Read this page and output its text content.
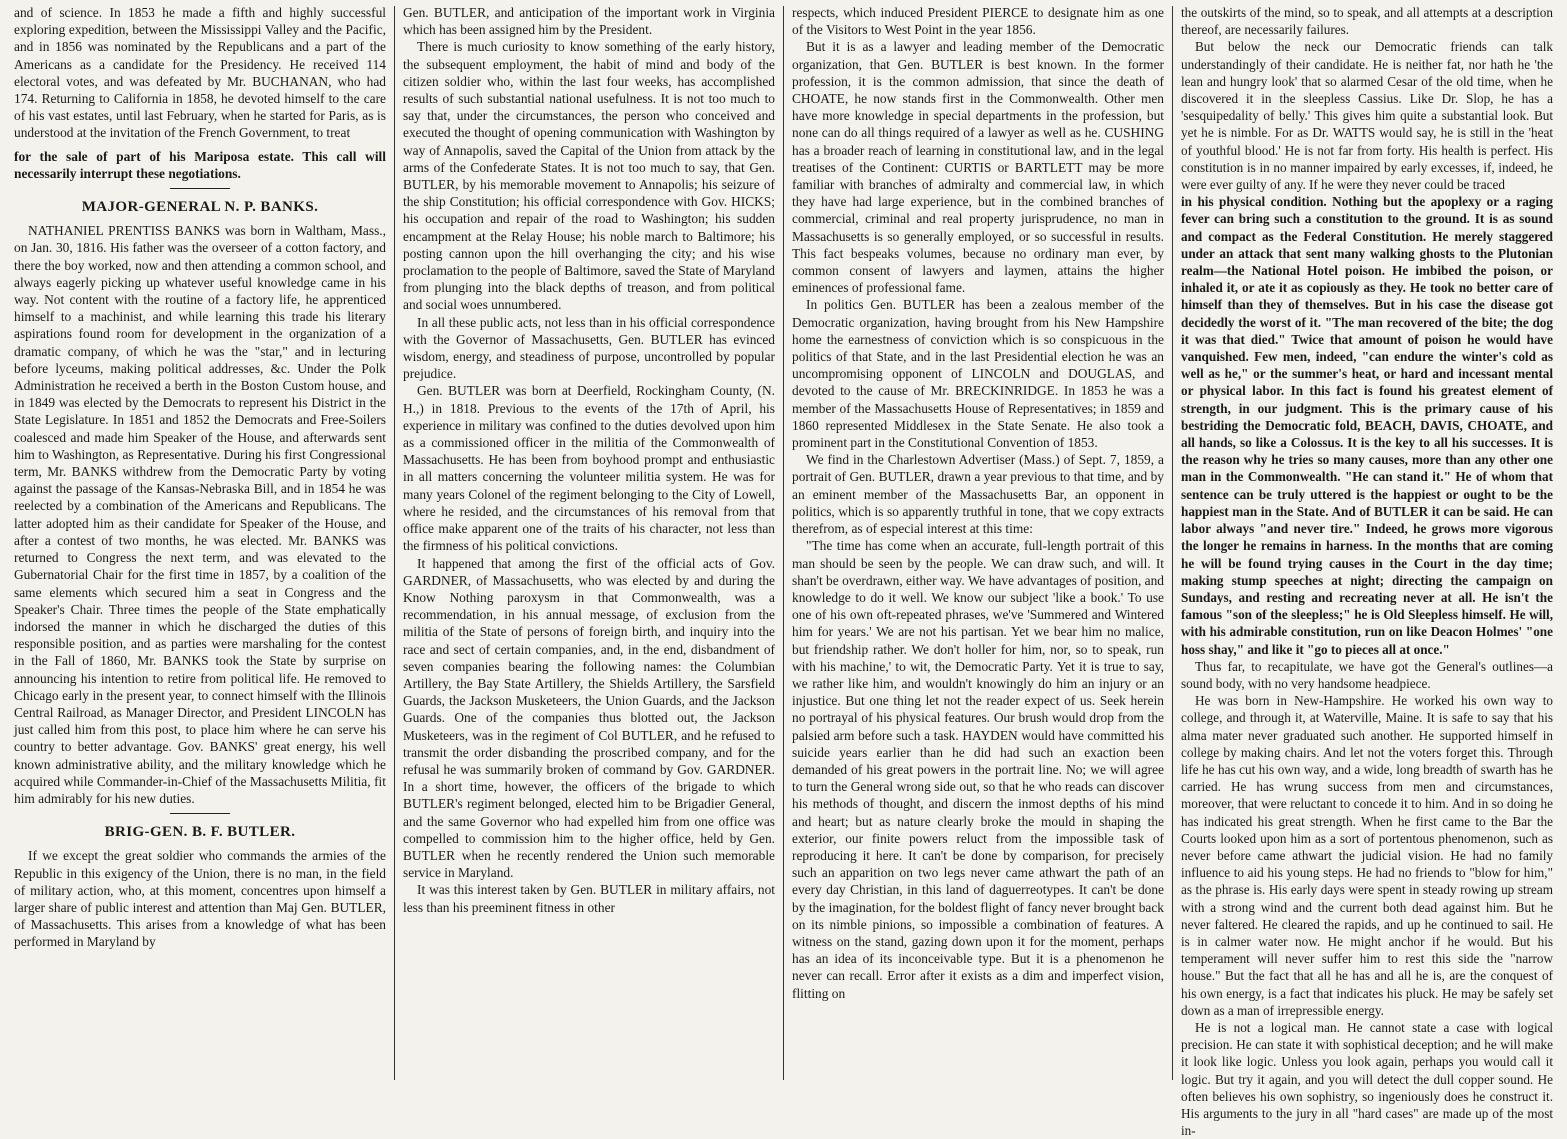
and of science. In 1853 he made a fifth and highly successful exploring expedition, between the Mississippi Valley and the Pacific, and in 1856 was nominated by the Republicans and a part of the Americans as a candidate for the Presidency. He received 114 electoral votes, and was defeated by Mr. BUCHANAN, who had 174. Returning to California in 1858, he devoted himself to the care of his vast estates, until last February, when he started for Paris, as is understood at the invitation of the French Government, to treat

for the sale of part of his Mariposa estate. This call will necessarily interrupt these negotiations.

MAJOR-GENERAL N. P. BANKS.

NATHANIEL PRENTISS BANKS was born in Waltham, Mass., on Jan. 30, 1816. His father was the overseer of a cotton factory, and there the boy worked, now and then attending a common school, and always eagerly picking up whatever useful knowledge came in his way. Not content with the routine of a factory life, he apprenticed himself to a machinist, and while learning this trade his literary aspirations found room for development in the organization of a dramatic company, of which he was the "star," and in lecturing before lyceums, making political addresses, &c. Under the Polk Administration he received a berth in the Boston Custom house, and in 1849 was elected by the Democrats to represent his District in the State Legislature. In 1851 and 1852 the Democrats and Free-Soilers coalesced and made him Speaker of the House, and afterwards sent him to Washington, as Representative. During his first Congressional term, Mr. BANKS withdrew from the Democratic Party by voting against the passage of the Kansas-Nebraska Bill, and in 1854 he was reelected by a combination of the Americans and Republicans. The latter adopted him as their candidate for Speaker of the House, and after a contest of two months, he was elected. Mr. BANKS was returned to Congress the next term, and was elevated to the Gubernatorial Chair for the first time in 1857, by a coalition of the same elements which secured him a seat in Congress and the Speaker's Chair. Three times the people of the State emphatically indorsed the manner in which he discharged the duties of this responsible position, and as parties were marshaling for the contest in the Fall of 1860, Mr. BANKS took the State by surprise on announcing his intention to retire from political life. He removed to Chicago early in the present year, to connect himself with the Illinois Central Railroad, as Manager Director, and President LINCOLN has just called him from this post, to place him where he can serve his country to better advantage. Gov. BANKS' great energy, his well known administrative ability, and the military knowledge which he acquired while Commander-in-Chief of the Massachusetts Militia, fit him admirably for his new duties.

BRIG-GEN. B. F. BUTLER.

If we except the great soldier who commands the armies of the Republic in this exigency of the Union, there is no man, in the field of military action, who, at this moment, concentres upon himself a larger share of public interest and attention than Maj Gen. BUTLER, of Massachusetts. This arises from a knowledge of what has been performed in Maryland by

Gen. BUTLER, and anticipation of the important work in Virginia which has been assigned him by the President.

There is much curiosity to know something of the early history, the subsequent employment, the habit of mind and body of the citizen soldier who, within the last four weeks, has accomplished results of such substantial national usefulness. It is not too much to say that, under the circumstances, the person who conceived and executed the thought of opening communication with Washington by way of Annapolis, saved the Capital of the Union from attack by the arms of the Confederate States. It is not too much to say, that Gen. BUTLER, by his memorable movement to Annapolis; his seizure of the ship Constitution; his official correspondence with Gov. HICKS; his occupation and repair of the road to Washington; his sudden encampment at the Relay House; his noble march to Baltimore; his posting cannon upon the hill overhanging the city; and his wise proclamation to the people of Baltimore, saved the State of Maryland from plunging into the black depths of treason, and from political and social woes unnumbered.

In all these public acts, not less than in his official correspondence with the Governor of Massachusetts, Gen. BUTLER has evinced wisdom, energy, and steadiness of purpose, uncontrolled by popular prejudice.

Gen. BUTLER was born at Deerfield, Rockingham County, (N. H.,) in 1818. Previous to the events of the 17th of April, his experience in military was confined to the duties devolved upon him as a commissioned officer in the militia of the Commonwealth of Massachusetts. He has been from boyhood prompt and enthusiastic in all matters concerning the volunteer militia system. He was for many years Colonel of the regiment belonging to the City of Lowell, where he resided, and the circumstances of his removal from that office make apparent one of the traits of his character, not less than the firmness of his political convictions.

It happened that among the first of the official acts of Gov. GARDNER, of Massachusetts, who was elected by and during the Know Nothing paroxysm in that Commonwealth, was a recommendation, in his annual message, of exclusion from the militia of the State of persons of foreign birth, and inquiry into the race and sect of certain companies, and, in the end, disbandment of seven companies bearing the following names: the Columbian Artillery, the Bay State Artillery, the Shields Artillery, the Sarsfield Guards, the Jackson Musketeers, the Union Guards, and the Jackson Guards. One of the companies thus blotted out, the Jackson Musketeers, was in the regiment of Col BUTLER, and he refused to transmit the order disbanding the proscribed company, and for the refusal he was summarily broken of command by Gov. GARDNER. In a short time, however, the officers of the brigade to which BUTLER's regiment belonged, elected him to be Brigadier General, and the same Governor who had expelled him from one office was compelled to commission him to the higher office, held by Gen. BUTLER when he recently rendered the Union such memorable service in Maryland.

It was this interest taken by Gen. BUTLER in military affairs, not less than his preeminent fitness in other

respects, which induced President PIERCE to designate him as one of the Visitors to West Point in the year 1856.

But it is as a lawyer and leading member of the Democratic organization, that Gen. BUTLER is best known. In the former profession, it is the common admission, that since the death of CHOATE, he now stands first in the Commonwealth. Other men have more knowledge in special departments in the profession, but none can do all things required of a lawyer as well as he. CUSHING has a broader reach of learning in constitutional law, and in the legal treatises of the Continent: CURTIS or BARTLETT may be more familiar with branches of admiralty and commercial law, in which they have had large experience, but in the combined branches of commercial, criminal and real property jurisprudence, no man in Massachusetts is so generally employed, or so successful in results. This fact bespeaks volumes, because no ordinary man ever, by common consent of lawyers and laymen, attains the higher eminences of professional fame.

In politics Gen. BUTLER has been a zealous member of the Democratic organization, having brought from his New Hampshire home the earnestness of conviction which is so conspicuous in the politics of that State, and in the last Presidential election he was an uncompromising opponent of LINCOLN and DOUGLAS, and devoted to the cause of Mr. BRECKINRIDGE. In 1853 he was a member of the Massachusetts House of Representatives; in 1859 and 1860 represented Middlesex in the State Senate. He also took a prominent part in the Constitutional Convention of 1853.

We find in the Charlestown Advertiser (Mass.) of Sept. 7, 1859, a portrait of Gen. BUTLER, drawn a year previous to that time, and by an eminent member of the Massachusetts Bar, an opponent in politics, which is so apparently truthful in tone, that we copy extracts therefrom, as of especial interest at this time:

"The time has come when an accurate, full-length portrait of this man should be seen by the people. We can draw such, and will. It shan't be overdrawn, either way. We have advantages of position, and knowledge to do it well. We know our subject 'like a book.' To use one of his own oft-repeated phrases, we've 'Summered and Wintered him for years.' We are not his partisan. Yet we bear him no malice, but friendship rather. We don't holler for him, nor, so to speak, run with his machine,' to wit, the Democratic Party. Yet it is true to say, we rather like him, and wouldn't knowingly do him an injury or an injustice. But one thing let not the reader expect of us. Seek herein no portrayal of his physical features. Our brush would drop from the palsied arm before such a task. HAYDEN would have committed his suicide years earlier than he did had such an exaction been demanded of his great powers in the portrait line. No; we will agree to turn the General wrong side out, so that he who reads can discover his methods of thought, and discern the inmost depths of his mind and heart; but as nature clearly broke the mould in shaping the exterior, our finite powers reluct from the impossible task of reproducing it here. It can't be done by comparison, for precisely such an apparition on two legs never came athwart the path of an every day Christian, in this land of daguerreotypes. It can't be done by the imagination, for the boldest flight of fancy never brought back on its nimble pinions, so impossible a combination of features. A witness on the stand, gazing down upon it for the moment, perhaps has an idea of its inconceivable type. But it is a phenomenon he never can recall. Error after it exists as a dim and imperfect vision, flitting on

the outskirts of the mind, so to speak, and all attempts at a description thereof, are necessarily failures.

But below the neck our Democratic friends can talk understandingly of their candidate. He is neither fat, nor hath he 'the lean and hungry look' that so alarmed Cesar of the old time, when he discovered it in the sleepless Cassius. Like Dr. Slop, he has a 'sesquipedality of belly.' This gives him quite a substantial look. But yet he is nimble. For as Dr. WATTS would say, he is still in the 'heat of youthful blood.' He is not far from forty. His health is perfect. His constitution is in no manner impaired by early excesses, if, indeed, he were ever guilty of any. If he were they never could be traced

in his physical condition. Nothing but the apoplexy or a raging fever can bring such a constitution to the ground. It is as sound and compact as the Federal Constitution. He merely staggered under an attack that sent many walking ghosts to the Plutonian realm—the National Hotel poison. He imbibed the poison, or inhaled it, or ate it as copiously as they. He took no better care of himself than they of themselves. But in his case the disease got decidedly the worst of it. "The man recovered of the bite; the dog it was that died." Twice that amount of poison he would have vanquished. Few men, indeed, "can endure the winter's cold as well as he," or the summer's heat, or hard and incessant mental or physical labor. In this fact is found his greatest element of strength, in our judgment. This is the primary cause of his bestriding the Democratic fold, BEACH, DAVIS, CHOATE, and all hands, so like a Colossus. It is the key to all his successes. It is the reason why he tries so many causes, more than any other one man in the Commonwealth. "He can stand it." He of whom that sentence can be truly uttered is the happiest or ought to be the happiest man in the State. And of BUTLER it can be said. He can labor always "and never tire." Indeed, he grows more vigorous the longer he remains in harness. In the months that are coming he will be found trying causes in the Court in the day time; making stump speeches at night; directing the campaign on Sundays, and resting and recreating never at all. He isn't the famous "son of the sleepless;" he is Old Sleepless himself. He will, with his admirable constitution, run on like Deacon Holmes' "one hoss shay," and like it "go to pieces all at once."

Thus far, to recapitulate, we have got the General's outlines—a sound body, with no very handsome headpiece.

He was born in New-Hampshire. He worked his own way to college, and through it, at Waterville, Maine. It is safe to say that his alma mater never graduated such another. He supported himself in college by making chairs. And let not the voters forget this. Through life he has cut his own way, and a wide, long breadth of swarth has he carried. He has wrung success from men and circumstances, moreover, that were reluctant to concede it to him. And in so doing he has indicated his great strength. When he first came to the Bar the Courts looked upon him as a sort of portentous phenomenon, such as never before came athwart the judicial vision. He had no family influence to aid his young steps. He had no friends to "blow for him," as the phrase is. His early days were spent in steady rowing up stream with a strong wind and the current both dead against him. But he never faltered. He cleared the rapids, and up he continued to sail. He is in calmer water now. He might anchor if he would. But his temperament will never suffer him to rest this side the "narrow house." But the fact that all he has and all he is, are the conquest of his own energy, is a fact that indicates his pluck. He may be safely set down as a man of irrepressible energy.

He is not a logical man. He cannot state a case with logical precision. He can state it with sophistical deception; and he will make it look like logic. Unless you look again, perhaps you would call it logic. But try it again, and you will detect the dull copper sound. He often believes his own sophistry, so ingeniously does he construct it. His arguments to the jury in all "hard cases" are made up of the most in-
